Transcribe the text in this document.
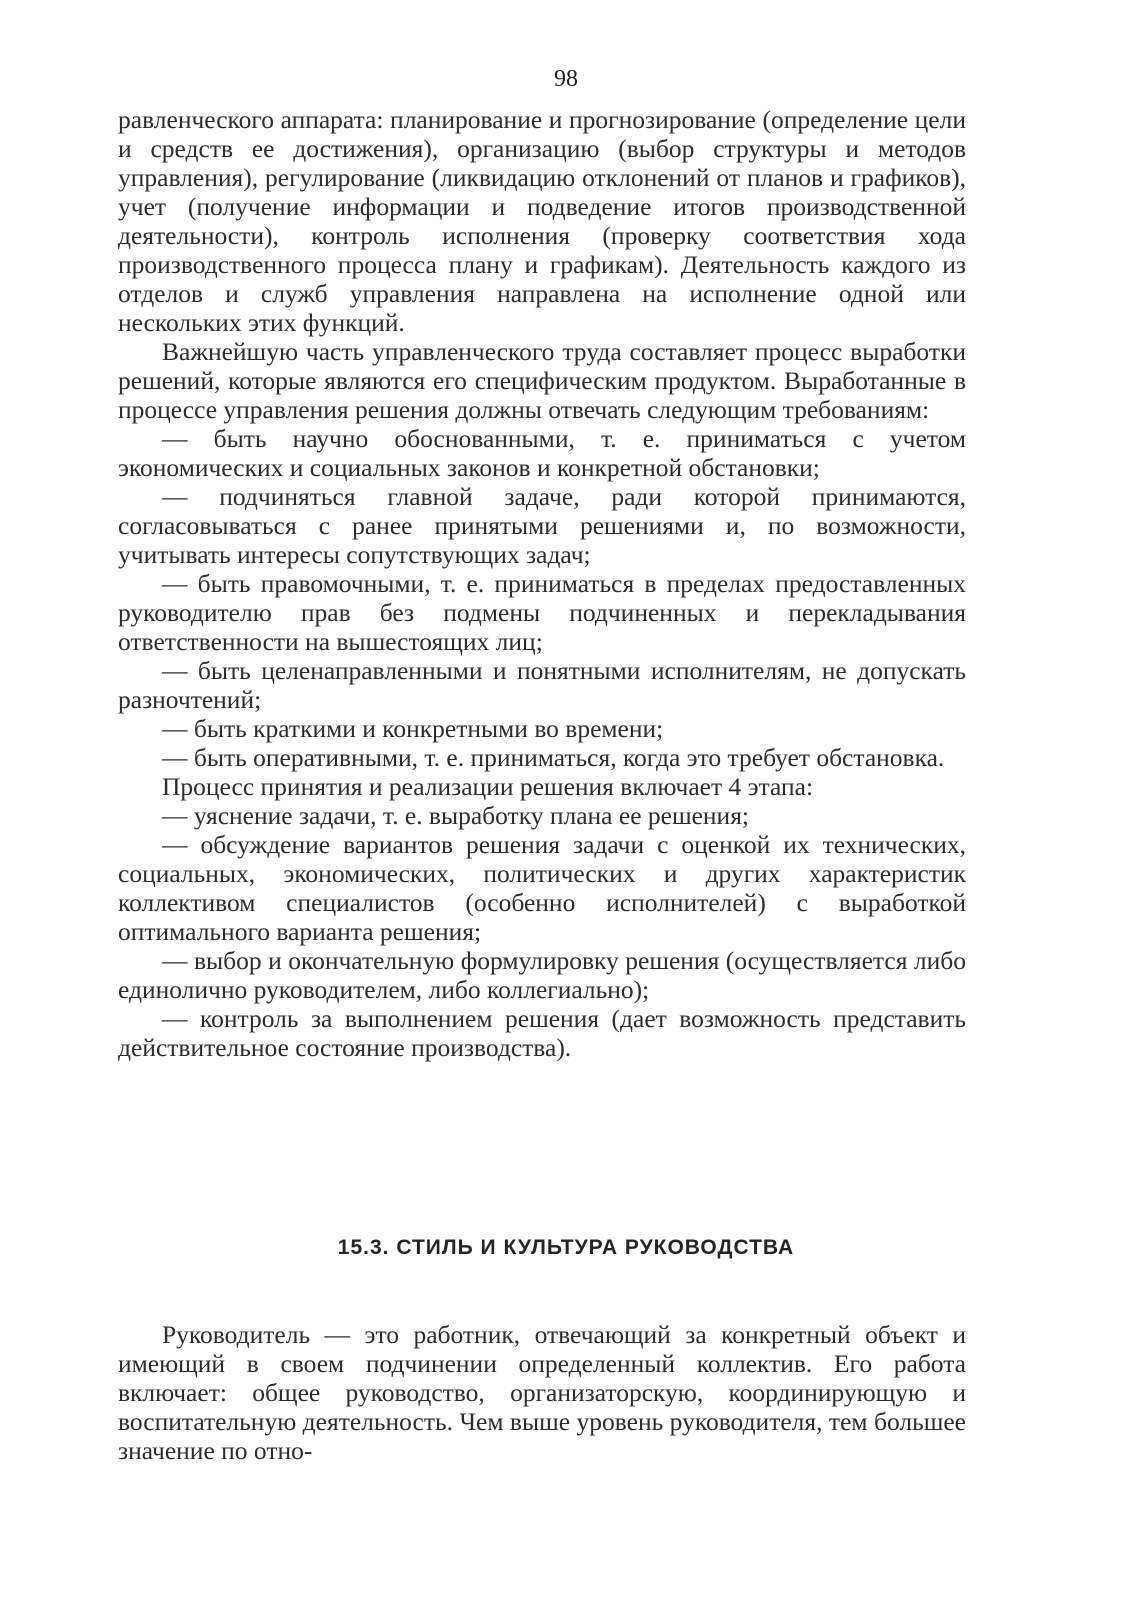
98

равленческого аппарата: планирование и прогнозирование (определение цели и средств ее достижения), организацию (выбор структуры и методов управления), регулирование (ликвидацию отклонений от планов и графиков), учет (получение информации и подведение итогов производственной деятельности), контроль исполнения (проверку соответствия хода производственного процесса плану и графикам). Деятельность каждого из отделов и служб управления направлена на исполнение одной или нескольких этих функций.

Важнейшую часть управленческого труда составляет процесс выработки решений, которые являются его специфическим продуктом. Выработанные в процессе управления решения должны отвечать следующим требованиям:

— быть научно обоснованными, т. е. приниматься с учетом экономических и социальных законов и конкретной обстановки;

— подчиняться главной задаче, ради которой принимаются, согласовываться с ранее принятыми решениями и, по возможности, учитывать интересы сопутствующих задач;

— быть правомочными, т. е. приниматься в пределах предоставленных руководителю прав без подмены подчиненных и перекладывания ответственности на вышестоящих лиц;

— быть целенаправленными и понятными исполнителям, не допускать разночтений;

— быть краткими и конкретными во времени;

— быть оперативными, т. е. приниматься, когда это требует обстановка.

Процесс принятия и реализации решения включает 4 этапа:

— уяснение задачи, т. е. выработку плана ее решения;

— обсуждение вариантов решения задачи с оценкой их технических, социальных, экономических, политических и других характеристик коллективом специалистов (особенно исполнителей) с выработкой оптимального варианта решения;

— выбор и окончательную формулировку решения (осуществляется либо единолично руководителем, либо коллегиально);

— контроль за выполнением решения (дает возможность представить действительное состояние производства).

15.3. СТИЛЬ И КУЛЬТУРА РУКОВОДСТВА

Руководитель — это работник, отвечающий за конкретный объект и имеющий в своем подчинении определенный коллектив. Его работа включает: общее руководство, организаторскую, координирующую и воспитательную деятельность. Чем выше уровень руководителя, тем большее значение по отно-
